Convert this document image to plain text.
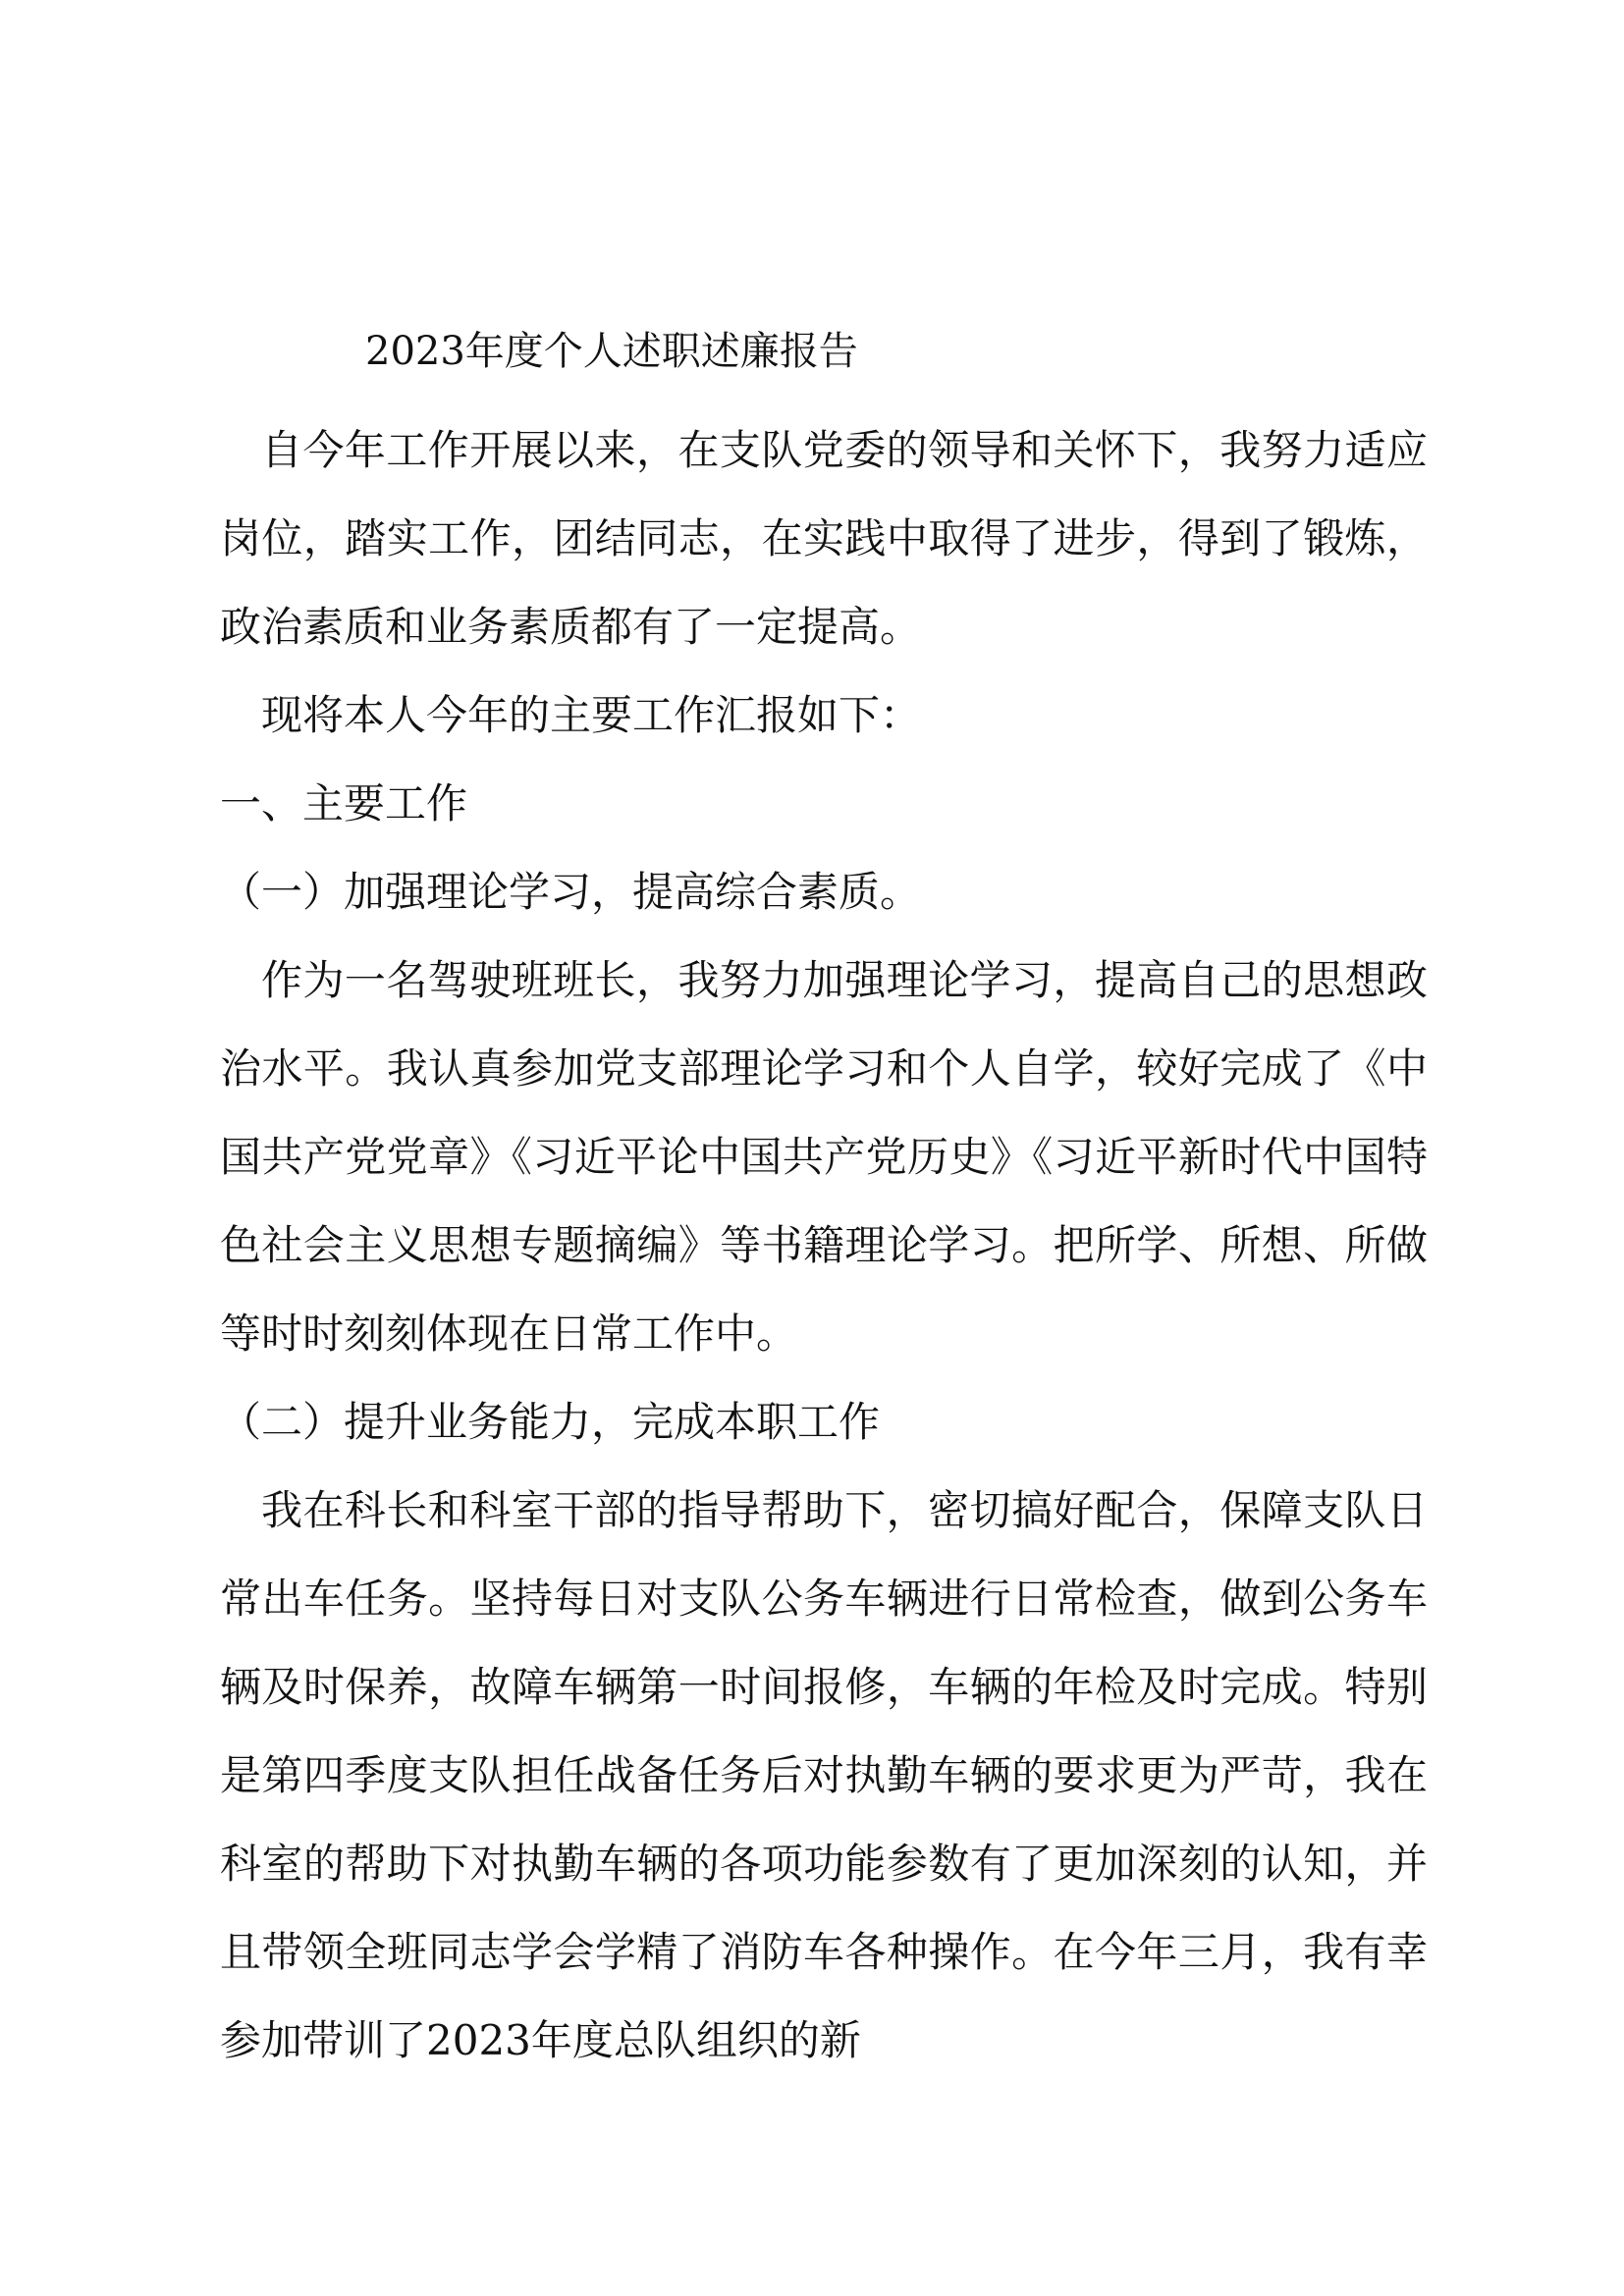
2023年度个人述职述廉报告

自今年工作开展以来，在支队党委的领导和关怀下，我努力适应岗位，踏实工作，团结同志，在实践中取得了进步，得到了锻炼，政治素质和业务素质都有了一定提高。

现将本人今年的主要工作汇报如下：

一、主要工作

（一）加强理论学习，提高综合素质。

作为一名驾驶班班长，我努力加强理论学习，提高自己的思想政治水平。我认真参加党支部理论学习和个人自学，较好完成了《中国共产党党章》《习近平论中国共产党历史》《习近平新时代中国特色社会主义思想专题摘编》等书籍理论学习。把所学、所想、所做等时时刻刻体现在日常工作中。

（二）提升业务能力，完成本职工作

我在科长和科室干部的指导帮助下，密切搞好配合，保障支队日常出车任务。坚持每日对支队公务车辆进行日常检查，做到公务车辆及时保养，故障车辆第一时间报修，车辆的年检及时完成。特别是第四季度支队担任战备任务后对执勤车辆的要求更为严苛，我在科室的帮助下对执勤车辆的各项功能参数有了更加深刻的认知，并且带领全班同志学会学精了消防车各种操作。在今年三月，我有幸参加带训了2023年度总队组织的新
